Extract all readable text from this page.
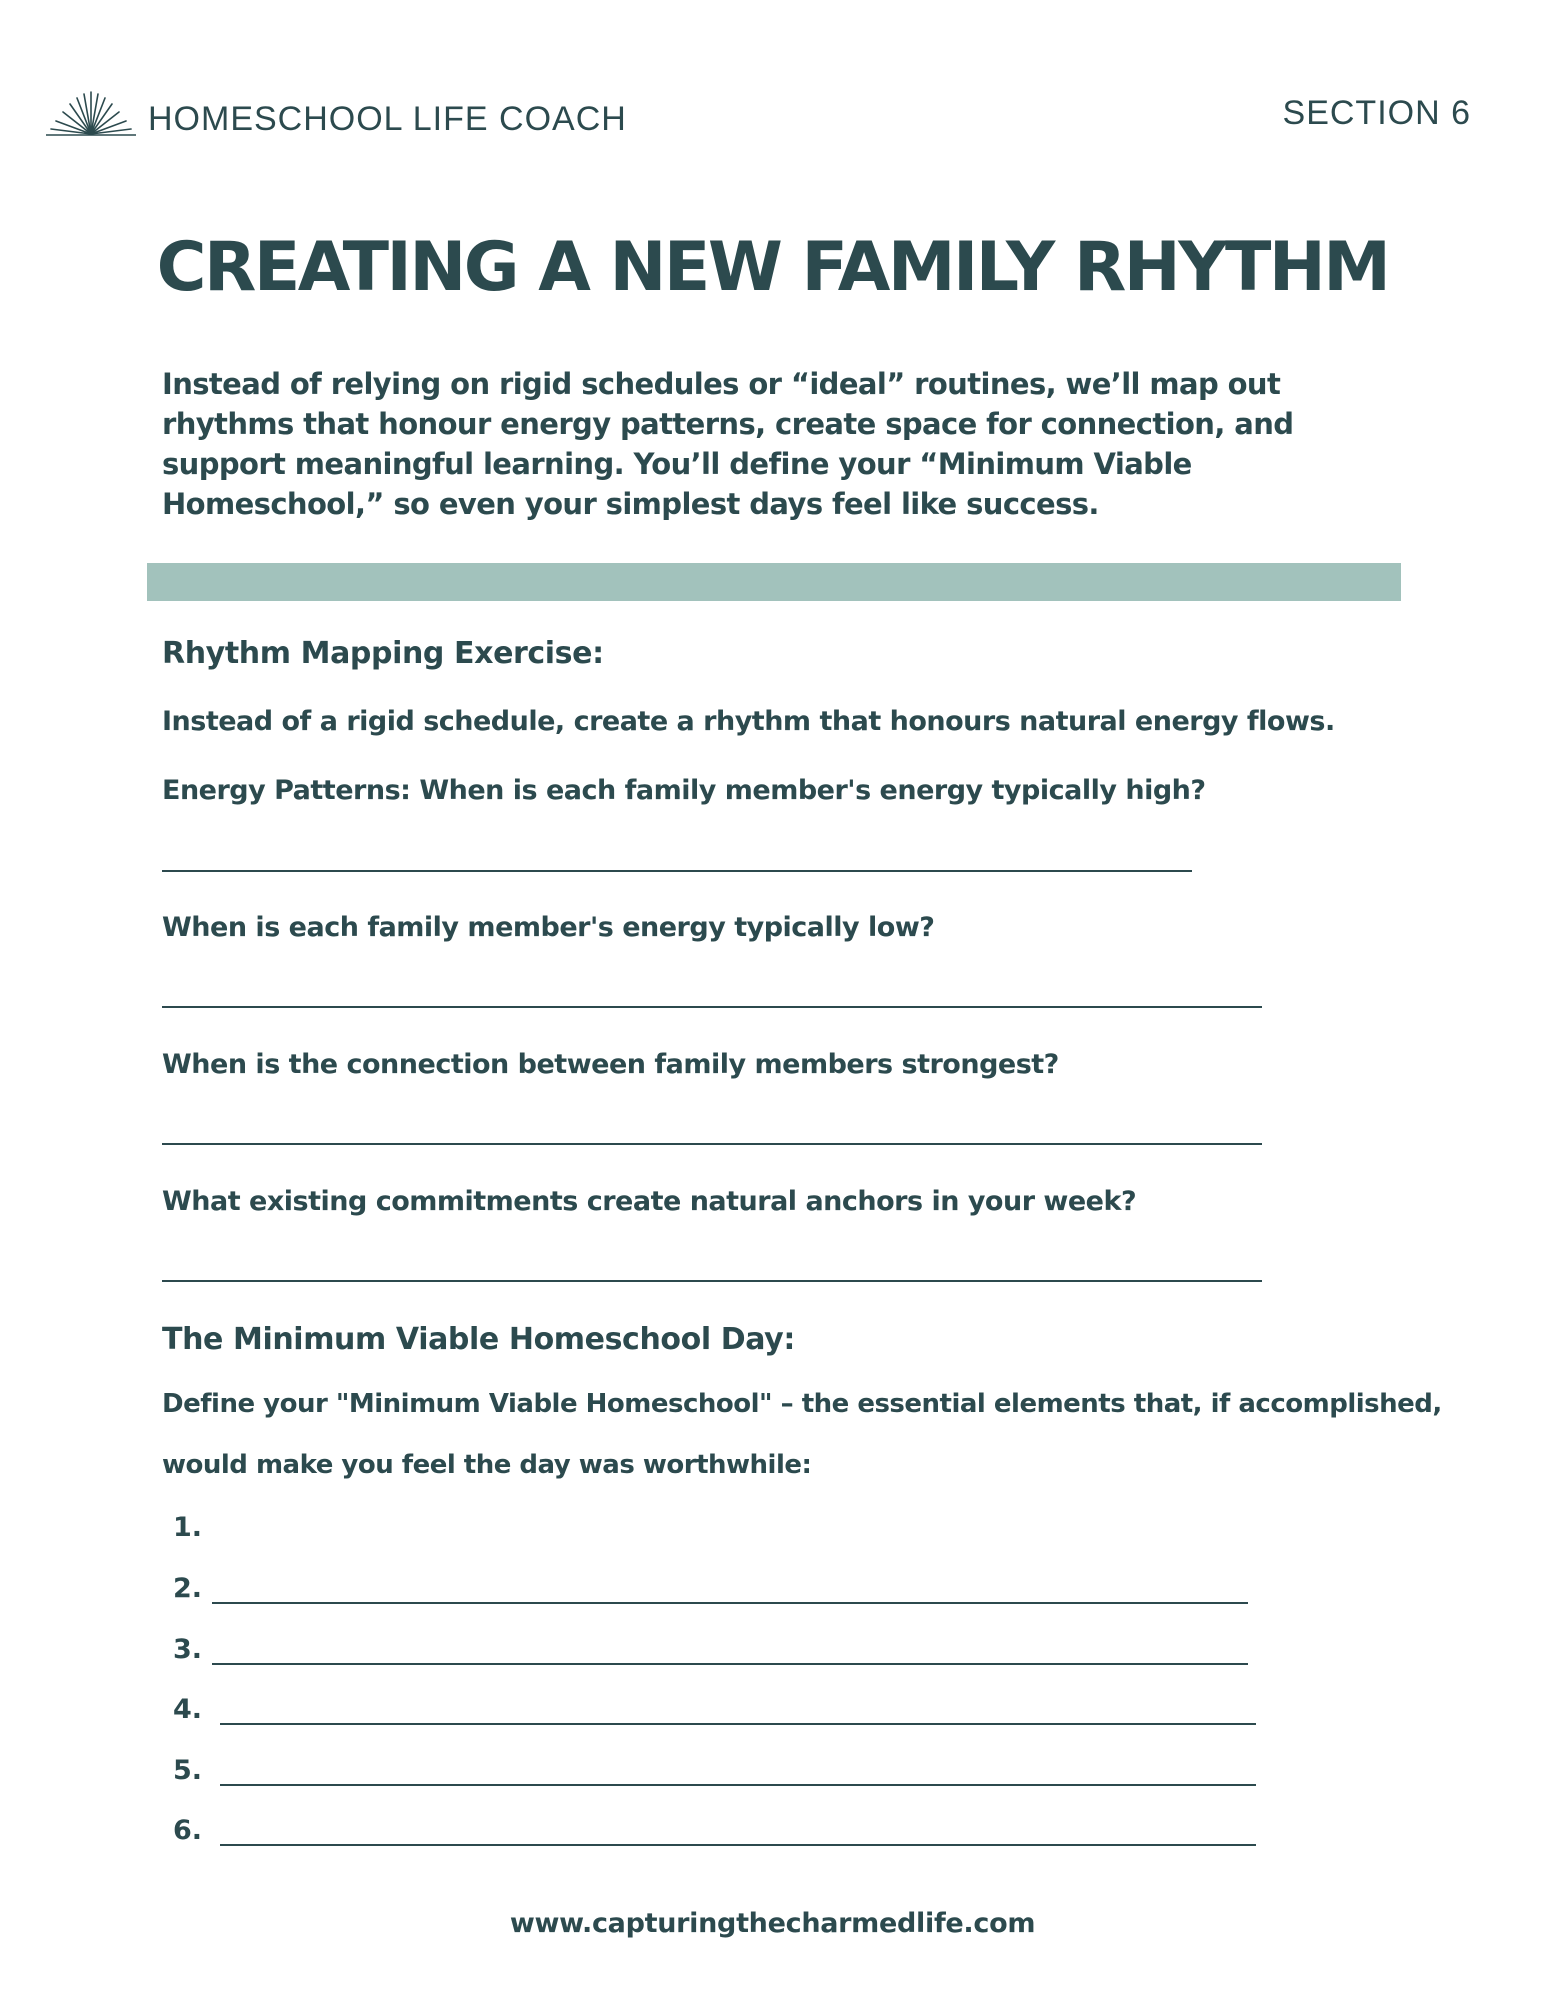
HOMESCHOOL LIFE COACH	SECTION 6
CREATING A NEW FAMILY RHYTHM
Instead of relying on rigid schedules or “ideal” routines, we’ll map out rhythms that honour energy patterns, create space for connection, and support meaningful learning. You’ll define your “Minimum Viable Homeschool,” so even your simplest days feel like success.
Rhythm Mapping Exercise:
Instead of a rigid schedule, create a rhythm that honours natural energy flows.
Energy Patterns: When is each family member's energy typically high?
When is each family member's energy typically low?
When is the connection between family members strongest?
What existing commitments create natural anchors in your week?
The Minimum Viable Homeschool Day:
Define your "Minimum Viable Homeschool" – the essential elements that, if accomplished,
would make you feel the day was worthwhile:
1.
2.
3.
4.
5.
6.
www.capturingthecharmedlife.com
